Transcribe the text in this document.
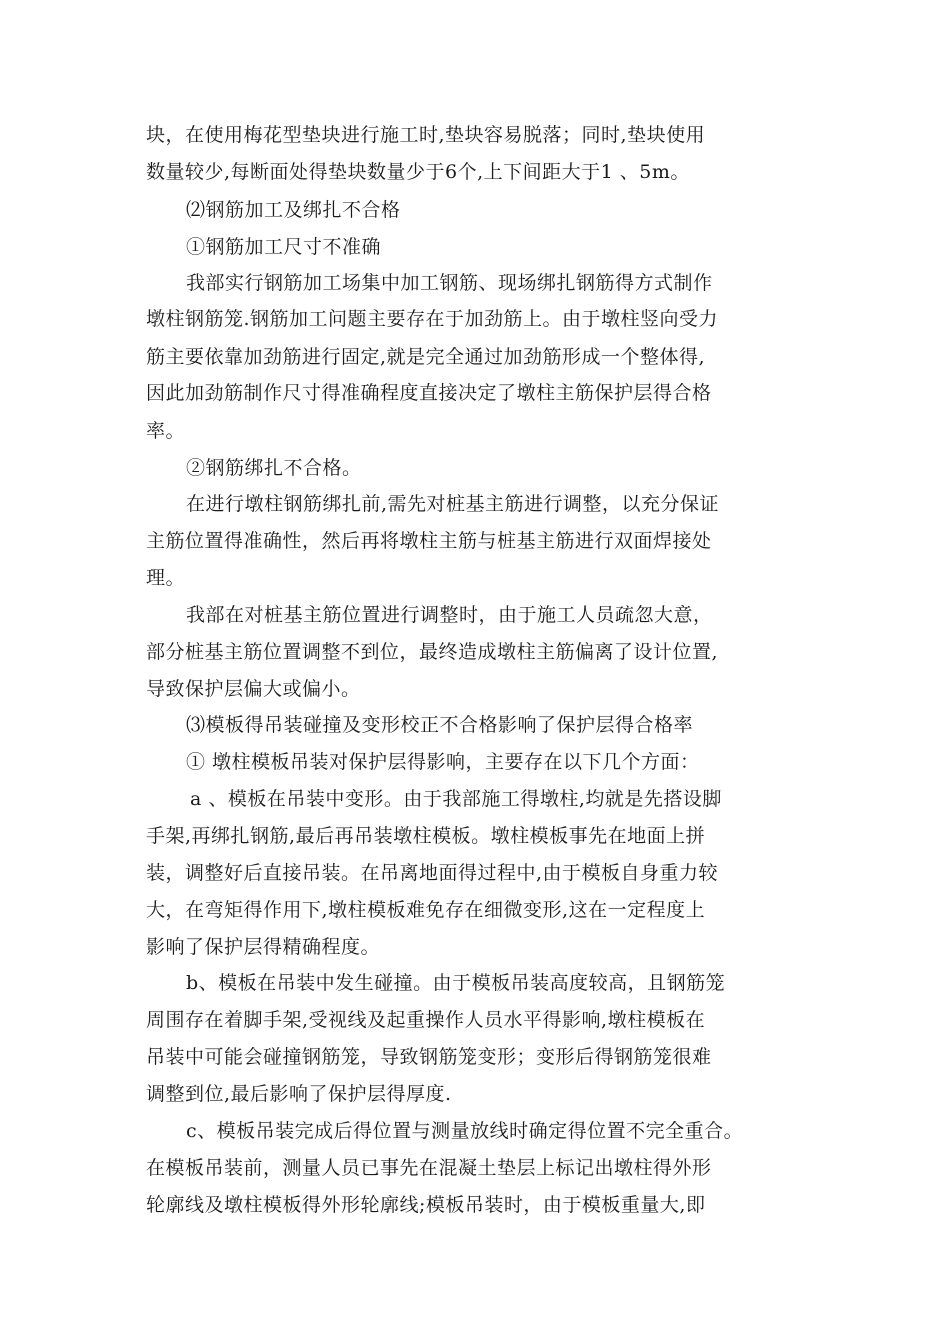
块，在使用梅花型垫块进行施工时,垫块容易脱落；同时,垫块使用
数量较少,每断面处得垫块数量少于6个,上下间距大于1 、5m。
⑵钢筋加工及绑扎不合格
①钢筋加工尺寸不准确
我部实行钢筋加工场集中加工钢筋、现场绑扎钢筋得方式制作
墩柱钢筋笼.钢筋加工问题主要存在于加劲筋上。由于墩柱竖向受力
筋主要依靠加劲筋进行固定,就是完全通过加劲筋形成一个整体得,
因此加劲筋制作尺寸得准确程度直接决定了墩柱主筋保护层得合格
率。
②钢筋绑扎不合格。
在进行墩柱钢筋绑扎前,需先对桩基主筋进行调整，以充分保证
主筋位置得准确性，然后再将墩柱主筋与桩基主筋进行双面焊接处
理。
我部在对桩基主筋位置进行调整时，由于施工人员疏忽大意，
部分桩基主筋位置调整不到位，最终造成墩柱主筋偏离了设计位置,
导致保护层偏大或偏小。
⑶模板得吊装碰撞及变形校正不合格影响了保护层得合格率
① 墩柱模板吊装对保护层得影响，主要存在以下几个方面：
a 、模板在吊装中变形。由于我部施工得墩柱,均就是先搭设脚
手架,再绑扎钢筋,最后再吊装墩柱模板。墩柱模板事先在地面上拼
装，调整好后直接吊装。在吊离地面得过程中,由于模板自身重力较
大，在弯矩得作用下,墩柱模板难免存在细微变形,这在一定程度上
影响了保护层得精确程度。
b、模板在吊装中发生碰撞。由于模板吊装高度较高，且钢筋笼
周围存在着脚手架,受视线及起重操作人员水平得影响,墩柱模板在
吊装中可能会碰撞钢筋笼，导致钢筋笼变形；变形后得钢筋笼很难
调整到位,最后影响了保护层得厚度.
c、模板吊装完成后得位置与测量放线时确定得位置不完全重合。
在模板吊装前，测量人员已事先在混凝土垫层上标记出墩柱得外形
轮廓线及墩柱模板得外形轮廓线;模板吊装时，由于模板重量大,即
